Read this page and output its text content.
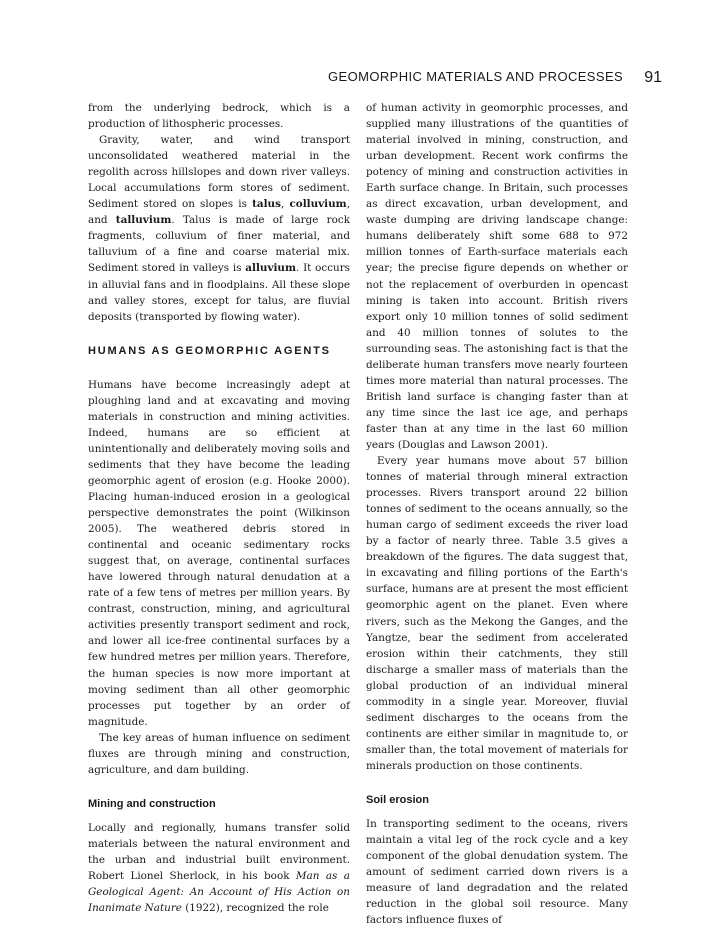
GEOMORPHIC MATERIALS AND PROCESSES 91

from the underlying bedrock, which is a production of lithospheric processes.

Gravity, water, and wind transport unconsolidated weathered material in the regolith across hillslopes and down river valleys. Local accumulations form stores of sediment. Sediment stored on slopes is talus, colluvium, and talluvium. Talus is made of large rock fragments, colluvium of finer material, and talluvium of a fine and coarse material mix. Sediment stored in valleys is alluvium. It occurs in alluvial fans and in floodplains. All these slope and valley stores, except for talus, are fluvial deposits (transported by flowing water).

HUMANS AS GEOMORPHIC AGENTS

Humans have become increasingly adept at ploughing land and at excavating and moving materials in construction and mining activities. Indeed, humans are so efficient at unintentionally and deliberately moving soils and sediments that they have become the leading geomorphic agent of erosion (e.g. Hooke 2000). Placing human-induced erosion in a geological perspective demonstrates the point (Wilkinson 2005). The weathered debris stored in continental and oceanic sedimentary rocks suggest that, on average, continental surfaces have lowered through natural denudation at a rate of a few tens of metres per million years. By contrast, construction, mining, and agricultural activities presently transport sediment and rock, and lower all ice-free continental surfaces by a few hundred metres per million years. Therefore, the human species is now more important at moving sediment than all other geomorphic processes put together by an order of magnitude.

The key areas of human influence on sediment fluxes are through mining and construction, agriculture, and dam building.

Mining and construction

Locally and regionally, humans transfer solid materials between the natural environment and the urban and industrial built environment. Robert Lionel Sherlock, in his book Man as a Geological Agent: An Account of His Action on Inanimate Nature (1922), recognized the role

of human activity in geomorphic processes, and supplied many illustrations of the quantities of material involved in mining, construction, and urban development. Recent work confirms the potency of mining and construction activities in Earth surface change. In Britain, such processes as direct excavation, urban development, and waste dumping are driving landscape change: humans deliberately shift some 688 to 972 million tonnes of Earth-surface materials each year; the precise figure depends on whether or not the replacement of overburden in opencast mining is taken into account. British rivers export only 10 million tonnes of solid sediment and 40 million tonnes of solutes to the surrounding seas. The astonishing fact is that the deliberate human transfers move nearly fourteen times more material than natural processes. The British land surface is changing faster than at any time since the last ice age, and perhaps faster than at any time in the last 60 million years (Douglas and Lawson 2001).

Every year humans move about 57 billion tonnes of material through mineral extraction processes. Rivers transport around 22 billion tonnes of sediment to the oceans annually, so the human cargo of sediment exceeds the river load by a factor of nearly three. Table 3.5 gives a breakdown of the figures. The data suggest that, in excavating and filling portions of the Earth's surface, humans are at present the most efficient geomorphic agent on the planet. Even where rivers, such as the Mekong the Ganges, and the Yangtze, bear the sediment from accelerated erosion within their catchments, they still discharge a smaller mass of materials than the global production of an individual mineral commodity in a single year. Moreover, fluvial sediment discharges to the oceans from the continents are either similar in magnitude to, or smaller than, the total movement of materials for minerals production on those continents.

Soil erosion

In transporting sediment to the oceans, rivers maintain a vital leg of the rock cycle and a key component of the global denudation system. The amount of sediment carried down rivers is a measure of land degradation and the related reduction in the global soil resource. Many factors influence fluxes of
